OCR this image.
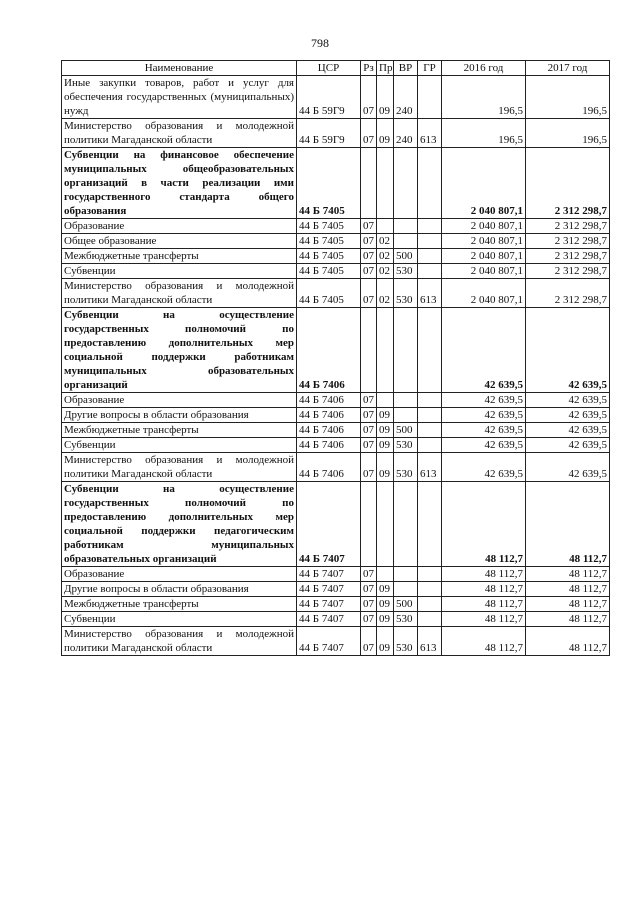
798
Наименование	ЦСР	Рз	Пр	ВР	ГР	2016 год	2017 год
Иные закупки товаров, работ и услуг для обеспечения государственных (муниципальных) нужд	44 Б 59Г9	07	09	240		196,5	196,5
Министерство образования и молодежной политики Магаданской области	44 Б 59Г9	07	09	240	613	196,5	196,5
Субвенции на финансовое обеспечение муниципальных общеобразовательных организаций в части реализации ими государственного стандарта общего образования	44 Б 7405					2 040 807,1	2 312 298,7
Образование	44 Б 7405	07				2 040 807,1	2 312 298,7
Общее образование	44 Б 7405	07	02			2 040 807,1	2 312 298,7
Межбюджетные трансферты	44 Б 7405	07	02	500		2 040 807,1	2 312 298,7
Субвенции	44 Б 7405	07	02	530		2 040 807,1	2 312 298,7
Министерство образования и молодежной политики Магаданской области	44 Б 7405	07	02	530	613	2 040 807,1	2 312 298,7
Субвенции на осуществление государственных полномочий по предоставлению дополнительных мер социальной поддержки работникам муниципальных образовательных организаций	44 Б 7406					42 639,5	42 639,5
Образование	44 Б 7406	07				42 639,5	42 639,5
Другие вопросы в области образования	44 Б 7406	07	09			42 639,5	42 639,5
Межбюджетные трансферты	44 Б 7406	07	09	500		42 639,5	42 639,5
Субвенции	44 Б 7406	07	09	530		42 639,5	42 639,5
Министерство образования и молодежной политики Магаданской области	44 Б 7406	07	09	530	613	42 639,5	42 639,5
Субвенции на осуществление государственных полномочий по предоставлению дополнительных мер социальной поддержки педагогическим работникам муниципальных образовательных организаций	44 Б 7407					48 112,7	48 112,7
Образование	44 Б 7407	07				48 112,7	48 112,7
Другие вопросы в области образования	44 Б 7407	07	09			48 112,7	48 112,7
Межбюджетные трансферты	44 Б 7407	07	09	500		48 112,7	48 112,7
Субвенции	44 Б 7407	07	09	530		48 112,7	48 112,7
Министерство образования и молодежной политики Магаданской области	44 Б 7407	07	09	530	613	48 112,7	48 112,7
